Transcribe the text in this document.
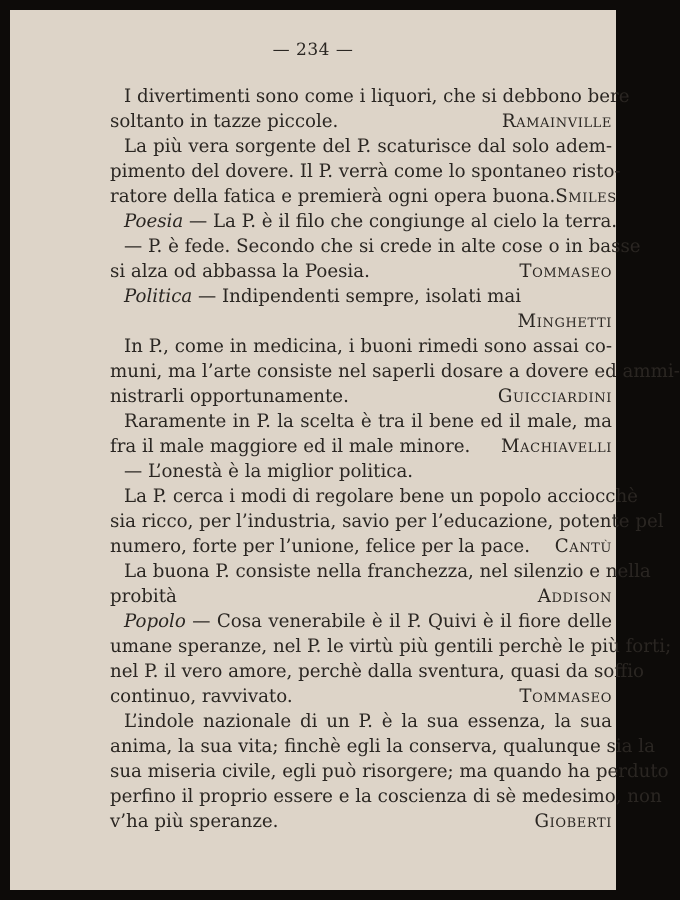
— 234 —
I divertimenti sono come i liquori, che si debbono bere
soltanto in tazze piccole.	Ramainville
La più vera sorgente del P. scaturisce dal solo adem-
pimento del dovere. Il P. verrà come lo spontaneo risto-
ratore della fatica e premierà ogni opera buona. Smiles
Poesia — La P. è il filo che congiunge al cielo la terra.
— P. è fede. Secondo che si crede in alte cose o in basse
si alza od abbassa la Poesia.	Tommaseo
Politica — Indipendenti sempre, isolati mai
Minghetti
In P., come in medicina, i buoni rimedi sono assai co-
muni, ma l’arte consiste nel saperli dosare a dovere ed ammi-
nistrarli opportunamente.	Guicciardini
Raramente in P. la scelta è tra il bene ed il male, ma
fra il male maggiore ed il male minore. Machiavelli
— L’onestà è la miglior politica.
La P. cerca i modi di regolare bene un popolo acciocchè
sia ricco, per l’industria, savio per l’educazione, potente pel
numero, forte per l’unione, felice per la pace. Cantù
La buona P. consiste nella franchezza, nel silenzio e nella
probità	Addison
Popolo — Cosa venerabile è il P. Quivi è il fiore delle
umane speranze, nel P. le virtù più gentili perchè le più forti;
nel P. il vero amore, perchè dalla sventura, quasi da soffio
continuo, ravvivato.	Tommaseo
L’indole nazionale di un P. è la sua essenza, la sua
anima, la sua vita; finchè egli la conserva, qualunque sia la
sua miseria civile, egli può risorgere; ma quando ha perduto
perfino il proprio essere e la coscienza di sè medesimo, non
v’ha più speranze.	Gioberti
